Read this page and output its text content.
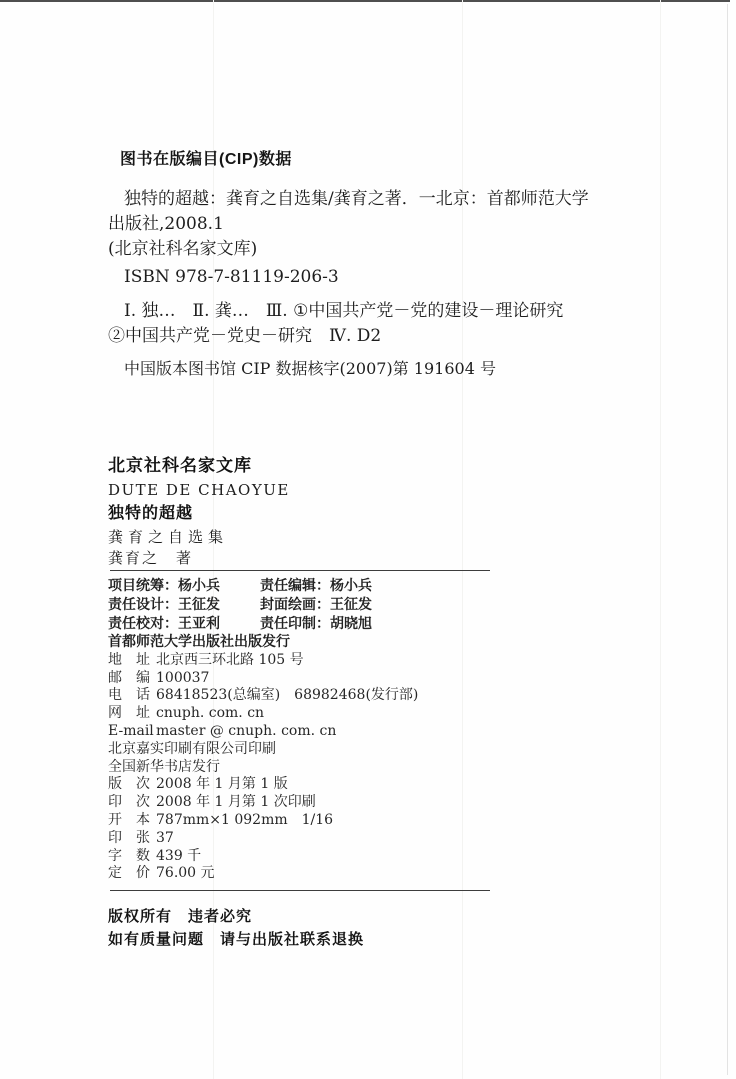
图书在版编目(CIP)数据
独特的超越：龚育之自选集/龚育之著．一北京：首都师范大学
出版社,2008.1
(北京社科名家文库)
ISBN 978-7-81119-206-3
Ⅰ. 独…　Ⅱ. 龚…　Ⅲ. ①中国共产党－党的建设－理论研究
②中国共产党－党史－研究　Ⅳ. D2
中国版本图书馆 CIP 数据核字(2007)第 191604 号
北京社科名家文库
DUTE DE CHAOYUE
独特的超越
龚育之自选集
龚育之　著
项目统筹：杨小兵	责任编辑：杨小兵
责任设计：王征发	封面绘画：王征发
责任校对：王亚利	责任印制：胡晓旭
首都师范大学出版社出版发行
地　址 北京西三环北路 105 号
邮　编 100037
电　话 68418523(总编室)　68982468(发行部)
网　址 cnuph. com. cn
E-mail master @ cnuph. com. cn
北京嘉实印刷有限公司印刷
全国新华书店发行
版　次 2008 年 1 月第 1 版
印　次 2008 年 1 月第 1 次印刷
开　本 787mm×1 092mm　1/16
印　张 37
字　数 439 千
定　价 76.00 元
版权所有　违者必究
如有质量问题　请与出版社联系退换
